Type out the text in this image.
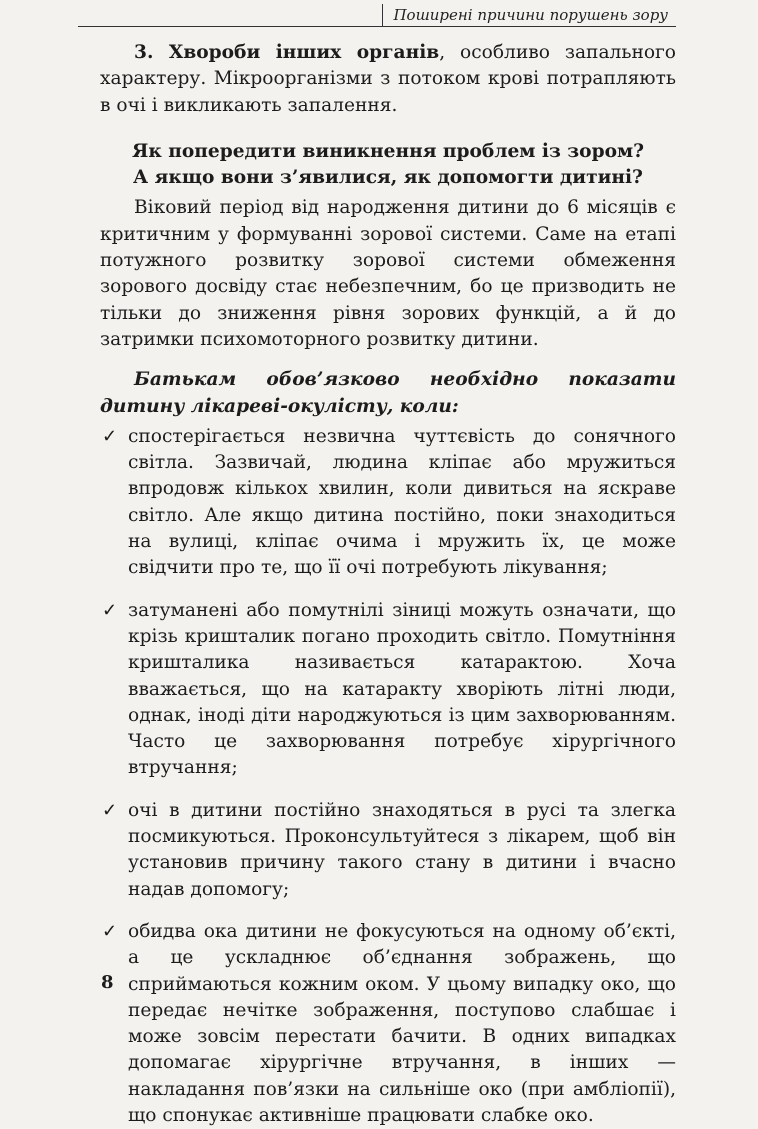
Поширені причини порушень зору

3. Хвороби інших органів, особливо запального характеру. Мікроорганізми з потоком крові потрапляють в очі і викликають запалення.

Як попередити виникнення проблем із зором?
А якщо вони з’явилися, як допомогти дитині?

Віковий період від народження дитини до 6 місяців є критичним у формуванні зорової системи. Саме на етапі потужного розвитку зорової системи обмеження зорового досвіду стає небезпечним, бо це призводить не тільки до зниження рівня зорових функцій, а й до затримки психомоторного розвитку дитини.

Батькам обов’язково необхідно показати дитину лікареві-окулісту, коли:

✓ спостерігається незвична чуттєвість до сонячного світла. Зазвичай, людина кліпає або мружиться впродовж кількох хвилин, коли дивиться на яскраве світло. Але якщо дитина постійно, поки знаходиться на вулиці, кліпає очима і мружить їх, це може свідчити про те, що її очі потребують лікування;

✓ затуманені або помутнілі зіниці можуть означати, що крізь кришталик погано проходить світло. Помутніння кришталика називається катарактою. Хоча вважається, що на катаракту хворіють літні люди, однак, іноді діти народжуються із цим захворюванням. Часто це захворювання потребує хірургічного втручання;

✓ очі в дитини постійно знаходяться в русі та злегка посмикуються. Проконсультуйтеся з лікарем, щоб він установив причину такого стану в дитини і вчасно надав допомогу;

✓ обидва ока дитини не фокусуються на одному об’єкті, а це ускладнює об’єднання зображень, що сприймаються кожним оком. У цьому випадку око, що передає нечітке зображення, поступово слабшає і може зовсім перестати бачити. В одних випадках допомагає хірургічне втручання, в інших — накладання пов’язки на сильніше око (при амбліопії), що спонукає активніше працювати слабке око.

8
